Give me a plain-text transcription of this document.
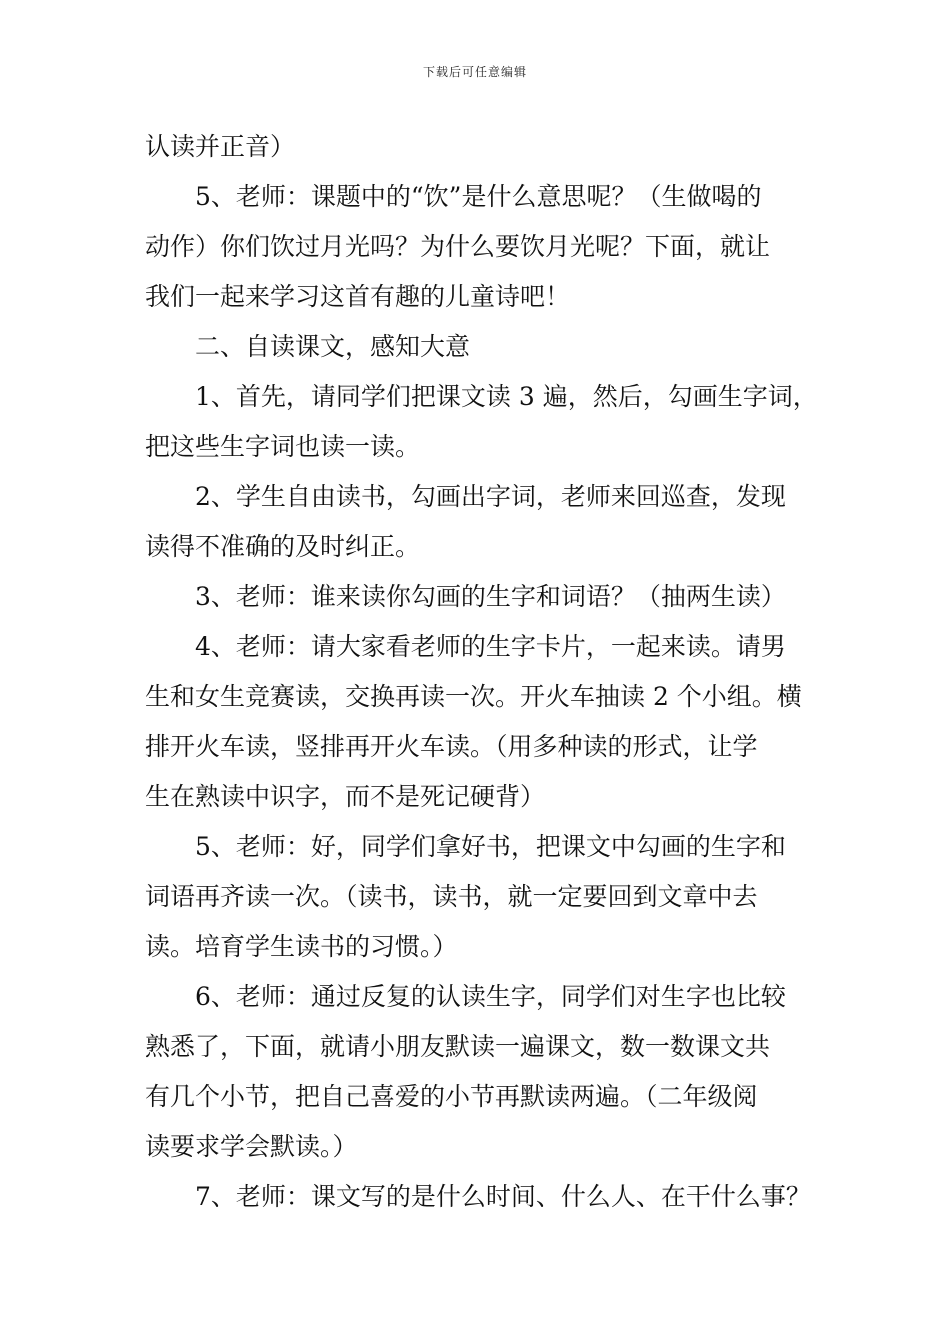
下载后可任意编辑
认读并正音）
5、老师：课题中的“饮”是什么意思呢？（生做喝的
动作）你们饮过月光吗？为什么要饮月光呢？下面，就让
我们一起来学习这首有趣的儿童诗吧！
二、自读课文，感知大意
1、首先，请同学们把课文读 3 遍，然后，勾画生字词，
把这些生字词也读一读。
2、学生自由读书，勾画出字词，老师来回巡查，发现
读得不准确的及时纠正。
3、老师：谁来读你勾画的生字和词语？（抽两生读）
4、老师：请大家看老师的生字卡片，一起来读。请男
生和女生竞赛读，交换再读一次。开火车抽读 2 个小组。横
排开火车读，竖排再开火车读。（用多种读的形式，让学
生在熟读中识字，而不是死记硬背）
5、老师：好，同学们拿好书，把课文中勾画的生字和
词语再齐读一次。（读书，读书，就一定要回到文章中去
读。培育学生读书的习惯。）
6、老师：通过反复的认读生字，同学们对生字也比较
熟悉了，下面，就请小朋友默读一遍课文，数一数课文共
有几个小节，把自己喜爱的小节再默读两遍。（二年级阅
读要求学会默读。）
7、老师：课文写的是什么时间、什么人、在干什么事？
